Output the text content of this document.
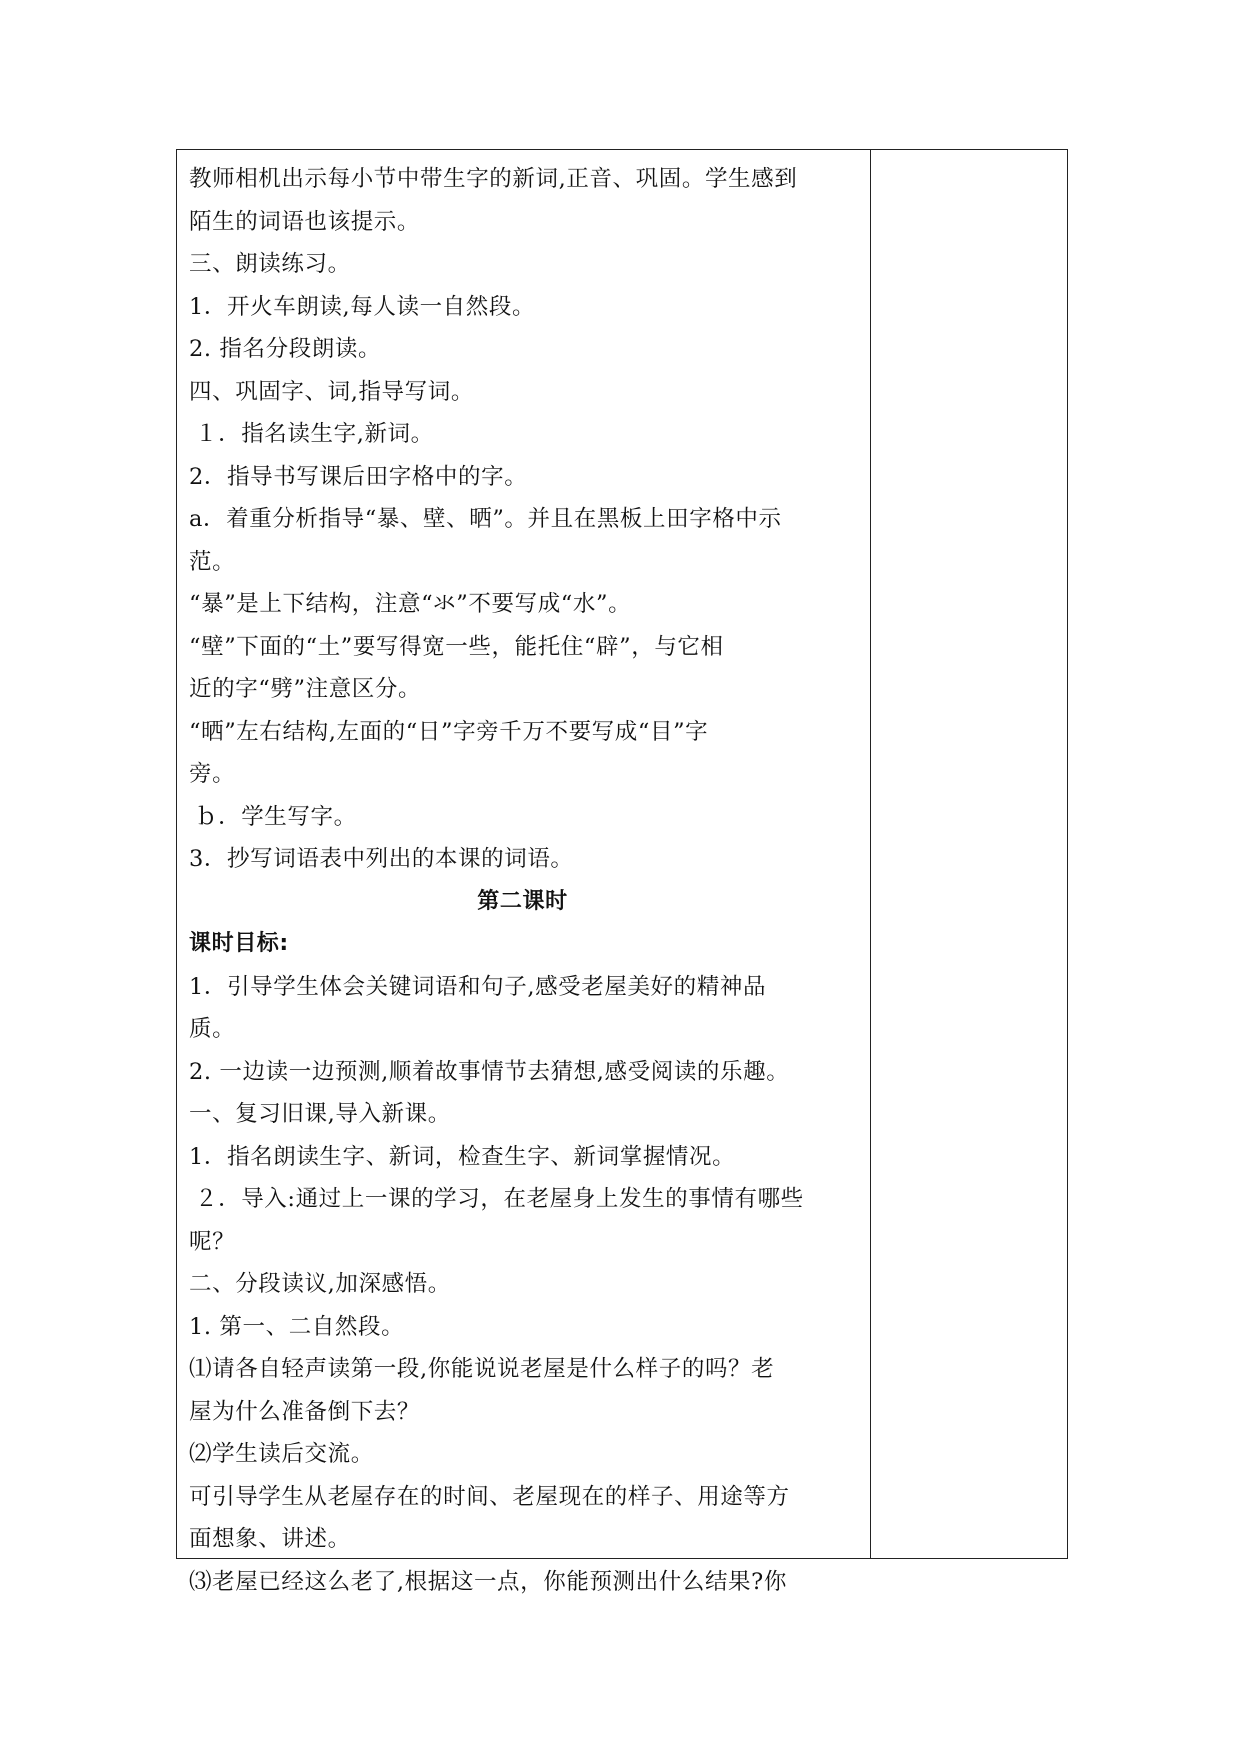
教师相机出示每小节中带生字的新词,正音、巩固。学生感到
陌生的词语也该提示。
三、朗读练习。
1．开火车朗读,每人读一自然段。
2. 指名分段朗读。
四、巩固字、词,指导写词。
１．指名读生字,新词。
2．指导书写课后田字格中的字。
a．着重分析指导“暴、壁、晒”。并且在黑板上田字格中示
范。
“暴”是上下结构，注意“氺”不要写成“水”。
“壁”下面的“土”要写得宽一些，能托住“辟”，与它相
近的字“劈”注意区分。
“晒”左右结构,左面的“日”字旁千万不要写成“目”字
旁。
ｂ．学生写字。
3．抄写词语表中列出的本课的词语。
第二课时
课时目标:
1．引导学生体会关键词语和句子,感受老屋美好的精神品
质。
2. 一边读一边预测,顺着故事情节去猜想,感受阅读的乐趣。
一、复习旧课,导入新课。
1．指名朗读生字、新词，检查生字、新词掌握情况。
２．导入:通过上一课的学习，在老屋身上发生的事情有哪些
呢？
二、分段读议,加深感悟。
1. 第一、二自然段。
⑴请各自轻声读第一段,你能说说老屋是什么样子的吗？老
屋为什么准备倒下去？
⑵学生读后交流。
可引导学生从老屋存在的时间、老屋现在的样子、用途等方
面想象、讲述。
⑶老屋已经这么老了,根据这一点，你能预测出什么结果?你
